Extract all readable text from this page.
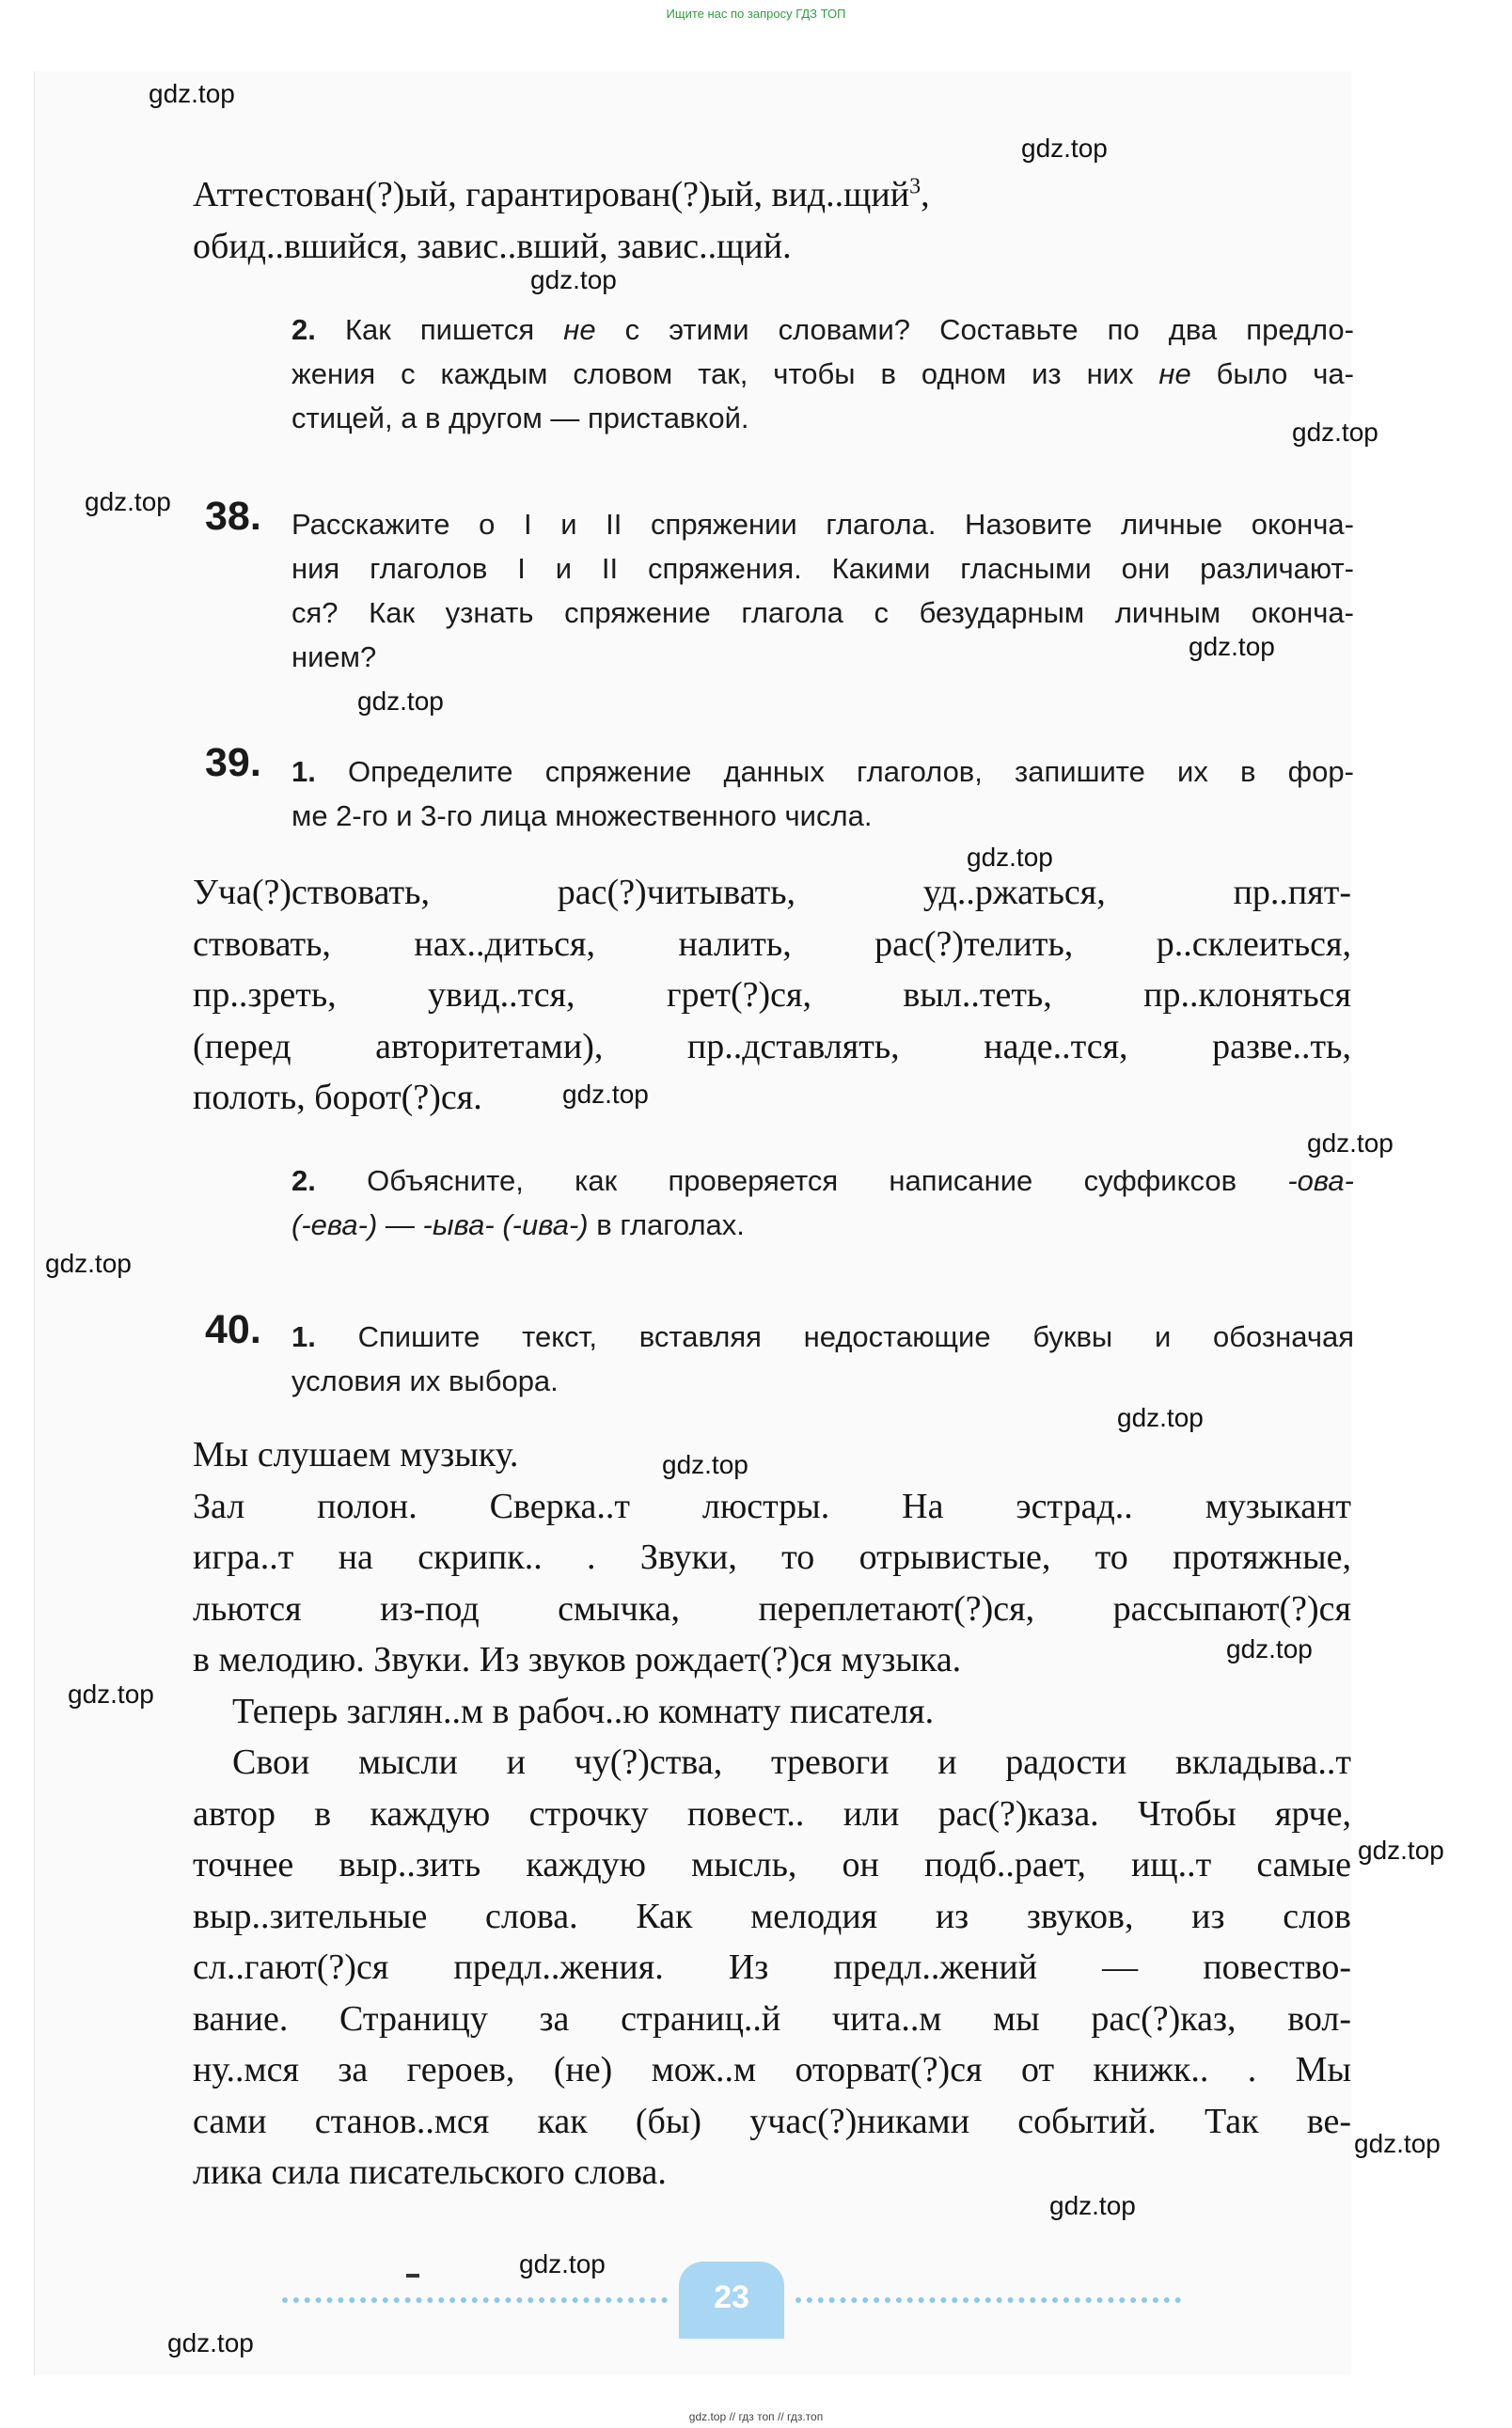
Ищите нас по запросу ГДЗ ТОП
Аттестован(?)ый, гарантирован(?)ый, вид..щий$^3$,
обид..вшийся, завис..вший, завис..щий.
2. Как пишется не с этими словами? Составьте по два предло-
жения с каждым словом так, чтобы в одном из них не было ча-
стицей, а в другом — приставкой.
38. Расскажите о I и II спряжении глагола. Назовите личные оконча-
ния глаголов I и II спряжения. Какими гласными они различают-
ся? Как узнать спряжение глагола с безударным личным оконча-
нием?
39. 1. Определите спряжение данных глаголов, запишите их в фор-
ме 2-го и 3-го лица множественного числа.
Уча(?)ствовать, рас(?)читывать, уд..ржаться, пр..пят-
ствовать, нах..диться, налить, рас(?)телить, р..склеиться,
пр..зреть, увид..тся, грет(?)ся, выл..теть, пр..клоняться
(перед авторитетами), пр..дставлять, наде..тся, разве..ть,
полоть, борот(?)ся.
2. Объясните, как проверяется написание суффиксов -ова-
(-ева-) — -ыва- (-ива-) в глаголах.
40. 1. Спишите текст, вставляя недостающие буквы и обозначая
условия их выбора.
Мы слушаем музыку.
Зал полон. Сверка..т люстры. На эстрад.. музыкант
игра..т на скрипк.. . Звуки, то отрывистые, то протяжные,
льются из-под смычка, переплетают(?)ся, рассыпают(?)ся
в мелодию. Звуки. Из звуков рождает(?)ся музыка.
Теперь заглян..м в рабоч..ю комнату писателя.
Свои мысли и чу(?)ства, тревоги и радости вкладыва..т
автор в каждую строчку повест.. или рас(?)каза. Чтобы ярче,
точнее выр..зить каждую мысль, он подб..рает, ищ..т самые
выр..зительные слова. Как мелодия из звуков, из слов
сл..гают(?)ся предл..жения. Из предл..жений — повество-
вание. Страницу за страниц..й чита..м мы рас(?)каз, вол-
ну..мся за героев, (не) мож..м оторват(?)ся от книжк.. . Мы
сами станов..мся как (бы) учас(?)никами событий. Так ве-
лика сила писательского слова.
23
gdz.top
gdz.top
gdz.top
gdz.top
gdz.top
gdz.top
gdz.top
gdz.top
gdz.top
gdz.top
gdz.top
gdz.top
gdz.top
gdz.top
gdz.top
gdz.top
gdz.top
gdz.top
gdz.top
gdz.top
gdz.top // гдз топ // гдз.топ
